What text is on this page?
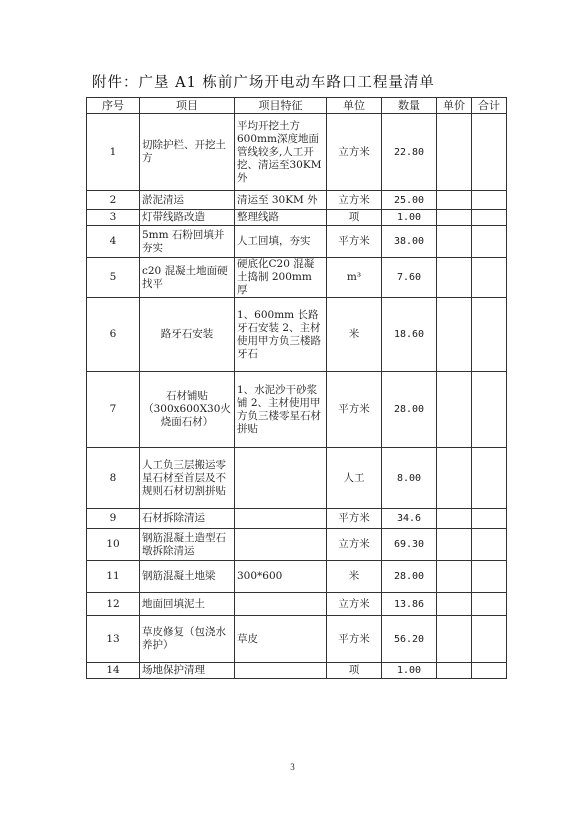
附件：广垦 A1 栋前广场开电动车路口工程量清单
序号	项目	项目特征	单位	数量	单价	合计
1	切除护栏、开挖土方	平均开挖土方600mm深度地面管线较多,人工开挖、清运至30KM外	立方米	22.80		
2	淤泥清运	清运至 30KM 外	立方米	25.00		
3	灯带线路改造	整理线路	项	1.00		
4	5mm 石粉回填并夯实	人工回填，夯实	平方米	38.00		
5	c20 混凝土地面硬找平	硬底化C20 混凝土捣制 200mm 厚	m³	7.60		
6	路牙石安装	1、600mm 长路牙石安装 2、主材使用甲方负三楼路牙石	米	18.60		
7	石材铺贴（300x600X30火烧面石材）	1、水泥沙干砂浆铺 2、主材使用甲方负三楼零星石材拼贴	平方米	28.00		
8	人工负三层搬运零星石材至首层及不规则石材切割拼贴		人工	8.00		
9	石材拆除清运		平方米	34.6		
10	钢筋混凝土造型石墩拆除清运		立方米	69.30		
11	钢筋混凝土地梁	300*600	米	28.00		
12	地面回填泥土		立方米	13.86		
13	草皮修复（包浇水养护）	草皮	平方米	56.20		
14	场地保护清理		项	1.00		
3
